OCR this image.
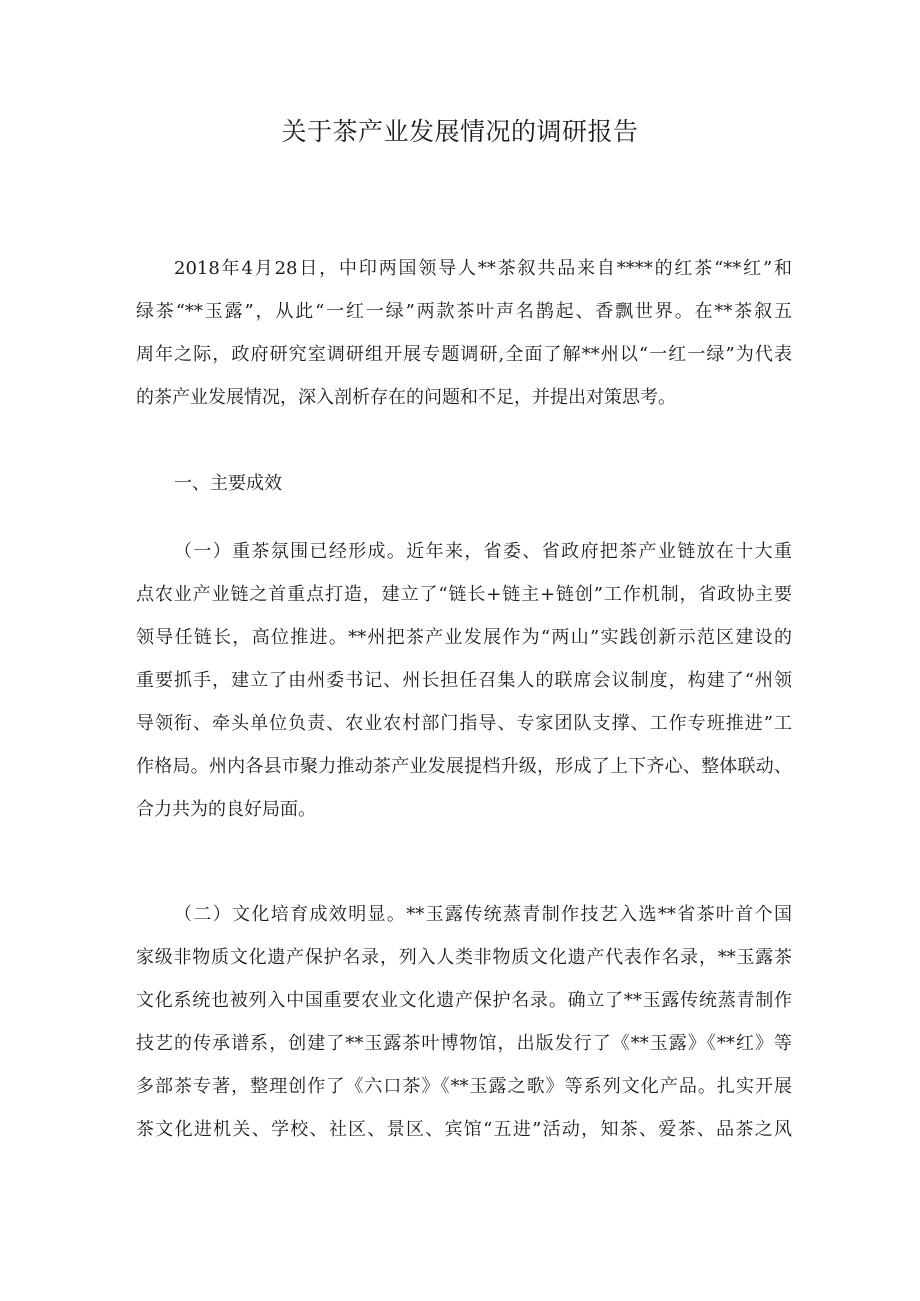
关于茶产业发展情况的调研报告
2018年4月28日，中印两国领导人**茶叙共品来自****的红茶“**红”和
绿茶“**玉露”，从此“一红一绿”两款茶叶声名鹊起、香飘世界。在**茶叙五
周年之际，政府研究室调研组开展专题调研,全面了解**州以“一红一绿”为代表
的茶产业发展情况，深入剖析存在的问题和不足，并提出对策思考。
一、主要成效
（一）重茶氛围已经形成。近年来，省委、省政府把茶产业链放在十大重
点农业产业链之首重点打造，建立了“链长+链主+链创”工作机制，省政协主要
领导任链长，高位推进。**州把茶产业发展作为“两山”实践创新示范区建设的
重要抓手，建立了由州委书记、州长担任召集人的联席会议制度，构建了“州领
导领衔、牵头单位负责、农业农村部门指导、专家团队支撑、工作专班推进”工
作格局。州内各县市聚力推动茶产业发展提档升级，形成了上下齐心、整体联动、
合力共为的良好局面。
（二）文化培育成效明显。**玉露传统蒸青制作技艺入选**省茶叶首个国
家级非物质文化遗产保护名录，列入人类非物质文化遗产代表作名录，**玉露茶
文化系统也被列入中国重要农业文化遗产保护名录。确立了**玉露传统蒸青制作
技艺的传承谱系，创建了**玉露茶叶博物馆，出版发行了《**玉露》《**红》等
多部茶专著，整理创作了《六口茶》《**玉露之歌》等系列文化产品。扎实开展
茶文化进机关、学校、社区、景区、宾馆“五进”活动，知茶、爱茶、品茶之风
